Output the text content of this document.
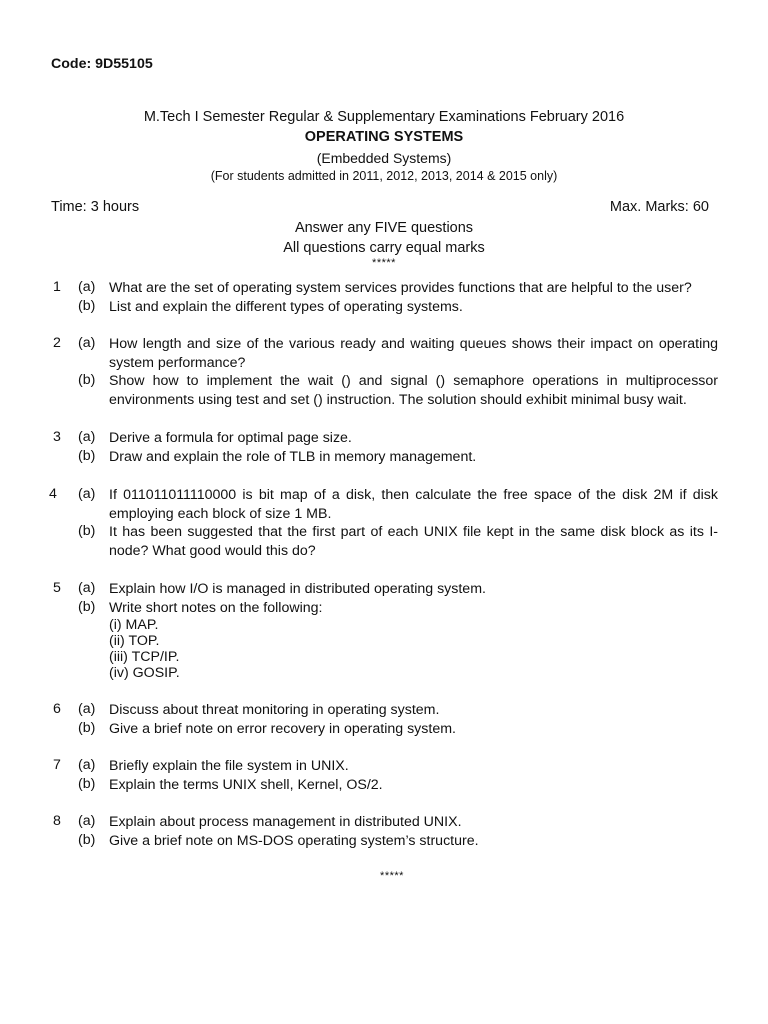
Code: 9D55105
M.Tech I Semester Regular & Supplementary Examinations February 2016
OPERATING SYSTEMS
(Embedded Systems)
(For students admitted in 2011, 2012, 2013, 2014 & 2015 only)
Time: 3 hours	Max. Marks: 60
Answer any FIVE questions
All questions carry equal marks
*****
1 (a) What are the set of operating system services provides functions that are helpful to the user?
(b) List and explain the different types of operating systems.
2 (a) How length and size of the various ready and waiting queues shows their impact on operating system performance?
(b) Show how to implement the wait () and signal () semaphore operations in multiprocessor environments using test and set () instruction. The solution should exhibit minimal busy wait.
3 (a) Derive a formula for optimal page size.
(b) Draw and explain the role of TLB in memory management.
4 (a) If 011011011110000 is bit map of a disk, then calculate the free space of the disk 2M if disk employing each block of size 1 MB.
(b) It has been suggested that the first part of each UNIX file kept in the same disk block as its I-node? What good would this do?
5 (a) Explain how I/O is managed in distributed operating system.
(b) Write short notes on the following:
(i) MAP.
(ii) TOP.
(iii) TCP/IP.
(iv) GOSIP.
6 (a) Discuss about threat monitoring in operating system.
(b) Give a brief note on error recovery in operating system.
7 (a) Briefly explain the file system in UNIX.
(b) Explain the terms UNIX shell, Kernel, OS/2.
8 (a) Explain about process management in distributed UNIX.
(b) Give a brief note on MS-DOS operating system’s structure.
*****
